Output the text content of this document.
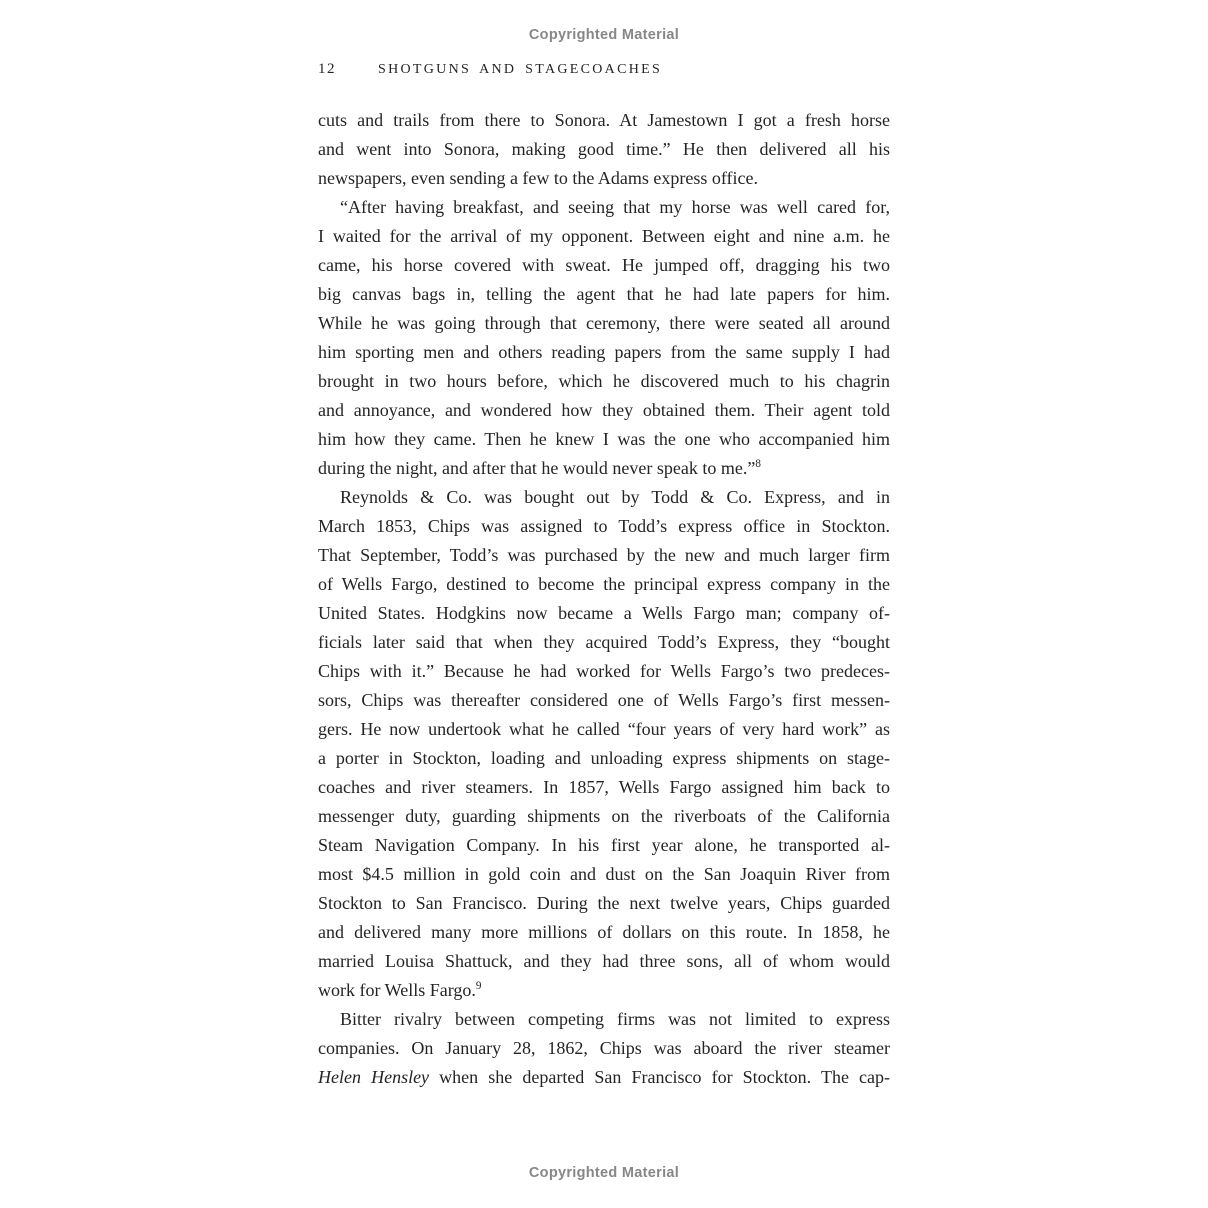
Copyrighted Material
12	SHOTGUNS AND STAGECOACHES
cuts and trails from there to Sonora. At Jamestown I got a fresh horse
and went into Sonora, making good time.” He then delivered all his
newspapers, even sending a few to the Adams express office.
“After having breakfast, and seeing that my horse was well cared for,
I waited for the arrival of my opponent. Between eight and nine a.m. he
came, his horse covered with sweat. He jumped off, dragging his two
big canvas bags in, telling the agent that he had late papers for him.
While he was going through that ceremony, there were seated all around
him sporting men and others reading papers from the same supply I had
brought in two hours before, which he discovered much to his chagrin
and annoyance, and wondered how they obtained them. Their agent told
him how they came. Then he knew I was the one who accompanied him
during the night, and after that he would never speak to me.”$^8$
Reynolds & Co. was bought out by Todd & Co. Express, and in
March 1853, Chips was assigned to Todd’s express office in Stockton.
That September, Todd’s was purchased by the new and much larger firm
of Wells Fargo, destined to become the principal express company in the
United States. Hodgkins now became a Wells Fargo man; company of-
ficials later said that when they acquired Todd’s Express, they “bought
Chips with it.” Because he had worked for Wells Fargo’s two predeces-
sors, Chips was thereafter considered one of Wells Fargo’s first messen-
gers. He now undertook what he called “four years of very hard work” as
a porter in Stockton, loading and unloading express shipments on stage-
coaches and river steamers. In 1857, Wells Fargo assigned him back to
messenger duty, guarding shipments on the riverboats of the California
Steam Navigation Company. In his first year alone, he transported al-
most $4.5 million in gold coin and dust on the San Joaquin River from
Stockton to San Francisco. During the next twelve years, Chips guarded
and delivered many more millions of dollars on this route. In 1858, he
married Louisa Shattuck, and they had three sons, all of whom would
work for Wells Fargo.$^9$
Bitter rivalry between competing firms was not limited to express
companies. On January 28, 1862, Chips was aboard the river steamer
Helen Hensley when she departed San Francisco for Stockton. The cap-
Copyrighted Material
